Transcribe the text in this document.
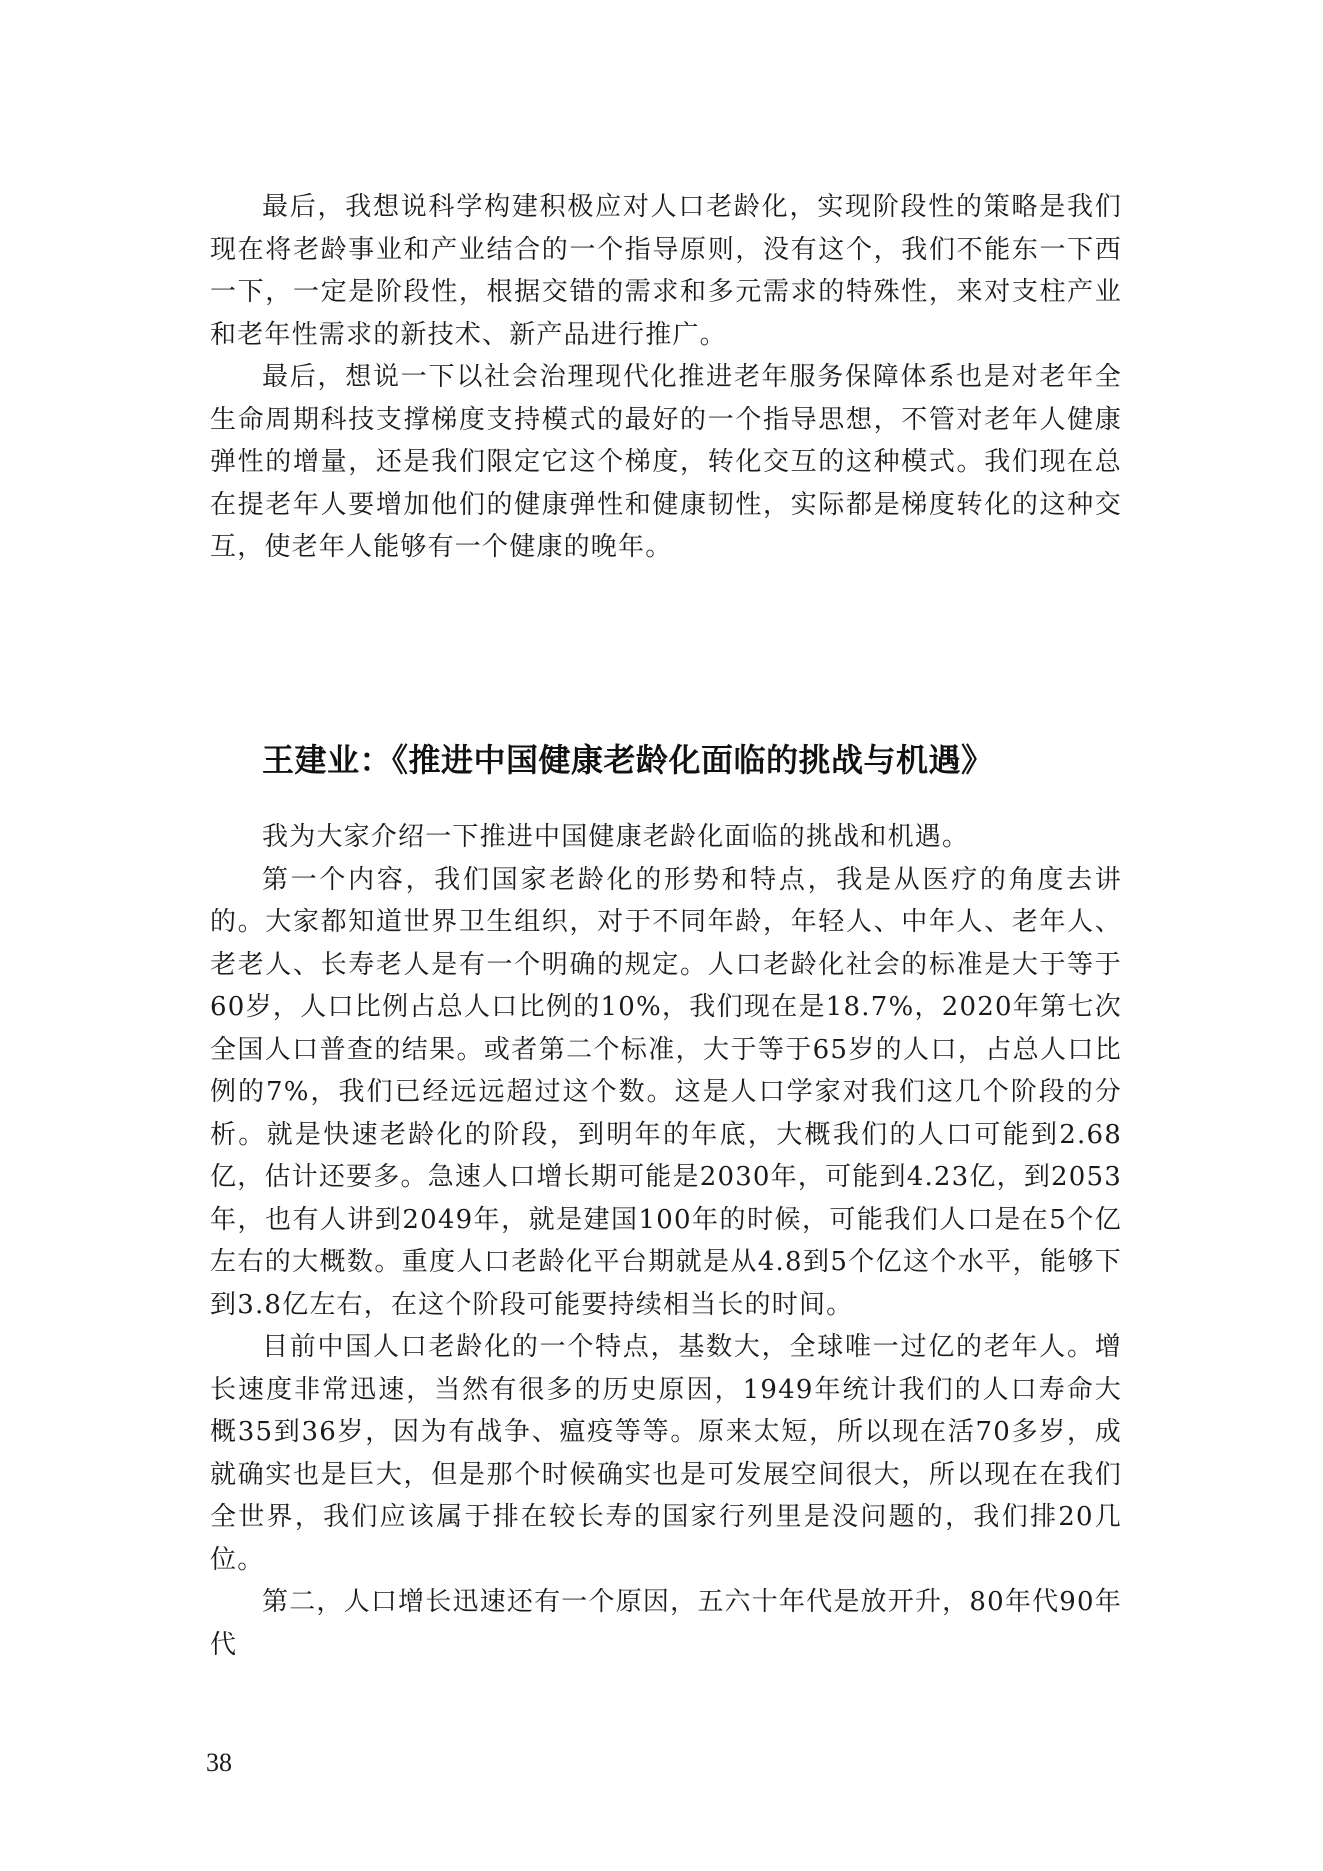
最后，我想说科学构建积极应对人口老龄化，实现阶段性的策略是我们现在将老龄事业和产业结合的一个指导原则，没有这个，我们不能东一下西一下，一定是阶段性，根据交错的需求和多元需求的特殊性，来对支柱产业和老年性需求的新技术、新产品进行推广。

最后，想说一下以社会治理现代化推进老年服务保障体系也是对老年全生命周期科技支撑梯度支持模式的最好的一个指导思想，不管对老年人健康弹性的增量，还是我们限定它这个梯度，转化交互的这种模式。我们现在总在提老年人要增加他们的健康弹性和健康韧性，实际都是梯度转化的这种交互，使老年人能够有一个健康的晚年。

王建业：《推进中国健康老龄化面临的挑战与机遇》

我为大家介绍一下推进中国健康老龄化面临的挑战和机遇。

第一个内容，我们国家老龄化的形势和特点，我是从医疗的角度去讲的。大家都知道世界卫生组织，对于不同年龄，年轻人、中年人、老年人、老老人、长寿老人是有一个明确的规定。人口老龄化社会的标准是大于等于60岁，人口比例占总人口比例的10%，我们现在是18.7%，2020年第七次全国人口普查的结果。或者第二个标准，大于等于65岁的人口，占总人口比例的7%，我们已经远远超过这个数。这是人口学家对我们这几个阶段的分析。就是快速老龄化的阶段，到明年的年底，大概我们的人口可能到2.68亿，估计还要多。急速人口增长期可能是2030年，可能到4.23亿，到2053年，也有人讲到2049年，就是建国100年的时候，可能我们人口是在5个亿左右的大概数。重度人口老龄化平台期就是从4.8到5个亿这个水平，能够下到3.8亿左右，在这个阶段可能要持续相当长的时间。

目前中国人口老龄化的一个特点，基数大，全球唯一过亿的老年人。增长速度非常迅速，当然有很多的历史原因，1949年统计我们的人口寿命大概35到36岁，因为有战争、瘟疫等等。原来太短，所以现在活70多岁，成就确实也是巨大，但是那个时候确实也是可发展空间很大，所以现在在我们全世界，我们应该属于排在较长寿的国家行列里是没问题的，我们排20几位。

第二，人口增长迅速还有一个原因，五六十年代是放开升，80年代90年代

38
